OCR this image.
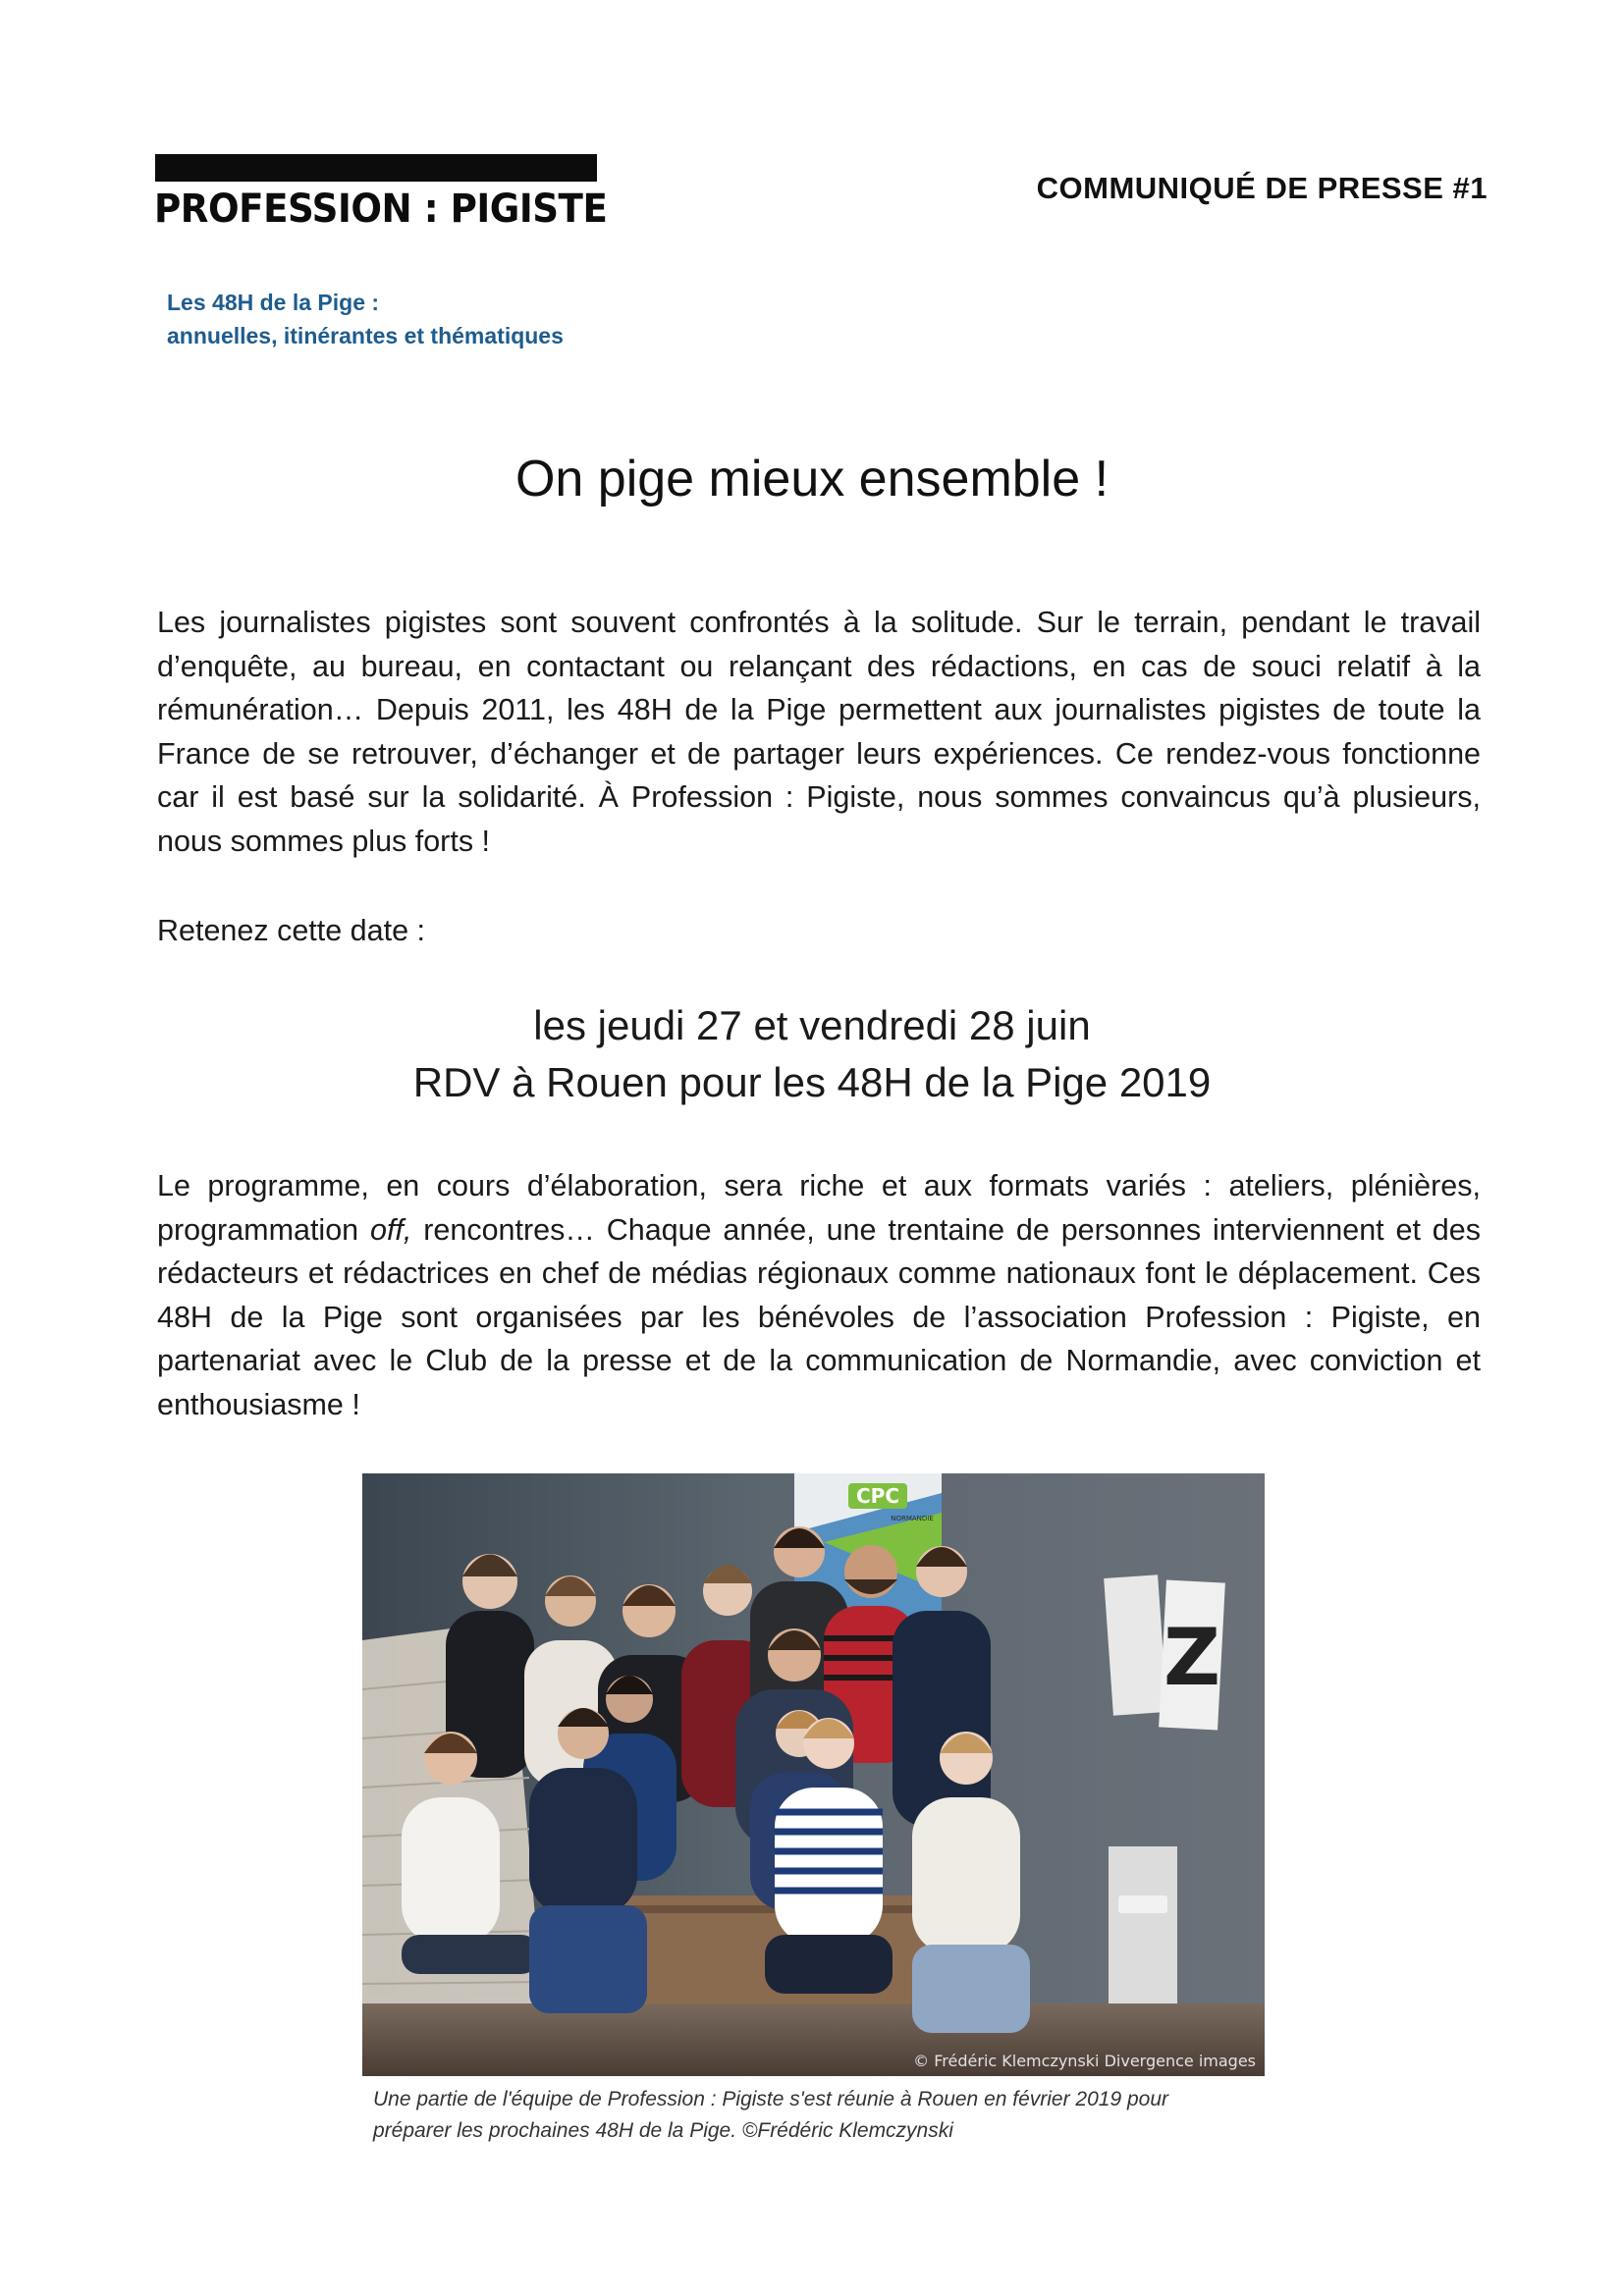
PROFESSION : PIGISTE	COMMUNIQUÉ DE PRESSE #1
Les 48H de la Pige :
annuelles, itinérantes et thématiques
On pige mieux ensemble !

Les journalistes pigistes sont souvent confrontés à la solitude. Sur le terrain, pendant le travail d’enquête, au bureau, en contactant ou relançant des rédactions, en cas de souci relatif à la rémunération… Depuis 2011, les 48H de la Pige permettent aux journalistes pigistes de toute la France de se retrouver, d’échanger et de partager leurs expériences. Ce rendez-vous fonctionne car il est basé sur la solidarité. À Profession : Pigiste, nous sommes convaincus qu’à plusieurs, nous sommes plus forts !

Retenez cette date :
les jeudi 27 et vendredi 28 juin
RDV à Rouen pour les 48H de la Pige 2019

Le programme, en cours d’élaboration, sera riche et aux formats variés : ateliers, plénières, programmation off, rencontres… Chaque année, une trentaine de personnes interviennent et des rédacteurs et rédactrices en chef de médias régionaux comme nationaux font le déplacement. Ces 48H de la Pige sont organisées par les bénévoles de l’association Profession : Pigiste, en partenariat avec le Club de la presse et de la communication de Normandie, avec conviction et enthousiasme !

CPC
NORMANDIE
Z
© Frédéric Klemczynski Divergence images
Une partie de l'équipe de Profession : Pigiste s'est réunie à Rouen en février 2019 pour
préparer les prochaines 48H de la Pige. ©Frédéric Klemczynski
